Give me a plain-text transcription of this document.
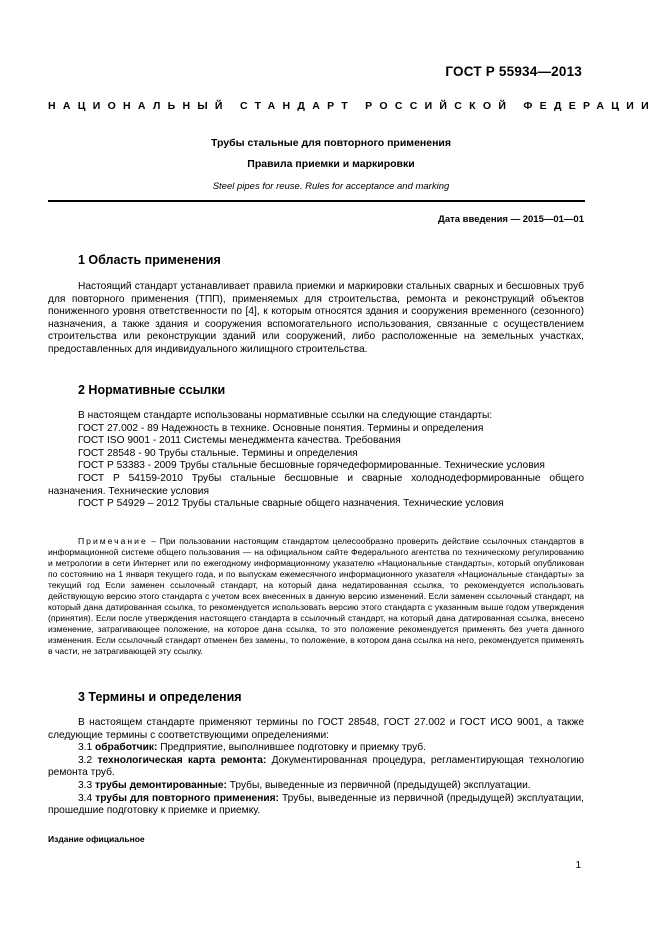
ГОСТ Р 55934—2013
НАЦИОНАЛЬНЫЙ СТАНДАРТ РОССИЙСКОЙ ФЕДЕРАЦИИ
Трубы стальные для повторного применения
Правила приемки и маркировки
Steel pipes for reuse. Rules for acceptance and marking
Дата введения — 2015—01—01
1 Область применения

Настоящий стандарт устанавливает правила приемки и маркировки стальных сварных и бесшовных труб для повторного применения (ТПП), применяемых для строительства, ремонта и реконструкций объектов пониженного уровня ответственности по [4], к которым относятся здания и сооружения временного (сезонного) назначения, а также здания и сооружения вспомогательного использования, связанные с осуществлением строительства или реконструкции зданий или сооружений, либо расположенные на земельных участках, предоставленных для индивидуального жилищного строительства.

2 Нормативные ссылки

В настоящем стандарте использованы нормативные ссылки на следующие стандарты:

ГОСТ 27.002 - 89 Надежность в технике. Основные понятия. Термины и определения

ГОСТ ISO 9001 - 2011 Системы менеджмента качества. Требования

ГОСТ 28548 - 90 Трубы стальные. Термины и определения

ГОСТ Р 53383 - 2009 Трубы стальные бесшовные горячедеформированные. Технические условия

ГОСТ Р 54159-2010 Трубы стальные бесшовные и сварные холоднодеформированные общего назначения. Технические условия

ГОСТ Р 54929 – 2012 Трубы стальные сварные общего назначения. Технические условия

Примечание – При пользовании настоящим стандартом целесообразно проверить действие ссылочных стандартов в информационной системе общего пользования — на официальном сайте Федерального агентства по техническому регулированию и метрологии в сети Интернет или по ежегодному информационному указателю «Национальные стандарты», который опубликован по состоянию на 1 января текущего года, и по выпускам ежемесячного информационного указателя «Национальные стандарты» за текущий год Если заменен ссылочный стандарт, на который дана недатированная ссылка, то рекомендуется использовать действующую версию этого стандарта с учетом всех внесенных в данную версию изменений. Если заменен ссылочный стандарт, на который дана датированная ссылка, то рекомендуется использовать версию этого стандарта с указанным выше годом утверждения (принятия). Если после утверждения настоящего стандарта в ссылочный стандарт, на который дана датированная ссылка, внесено изменение, затрагивающее положение, на которое дана ссылка, то это положение рекомендуется применять без учета данного изменения. Если ссылочный стандарт отменен без замены, то положение, в котором дана ссылка на него, рекомендуется применять в части, не затрагивающей эту ссылку.

3 Термины и определения

В настоящем стандарте применяют термины по ГОСТ 28548, ГОСТ 27.002 и ГОСТ ИСО 9001, а также следующие термины с соответствующими определениями:

3.1 обработчик: Предприятие, выполнившее подготовку и приемку труб.

3.2 технологическая карта ремонта: Документированная процедура, регламентирующая технологию ремонта труб.

3.3 трубы демонтированные: Трубы, выведенные из первичной (предыдущей) эксплуатации.

3.4 трубы для повторного применения: Трубы, выведенные из первичной (предыдущей) эксплуатации, прошедшие подготовку к приемке и приемку.

Издание официальное
1
